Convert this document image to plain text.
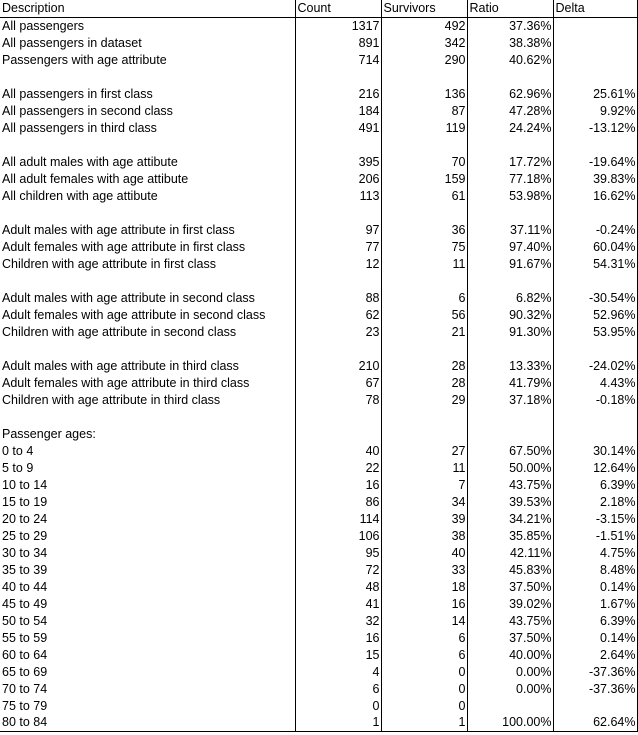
Description	Count	Survivors	Ratio	Delta
All passengers	1317	492	37.36%	
All passengers in dataset	891	342	38.38%	
Passengers with age attribute	714	290	40.62%	

All passengers in first class	216	136	62.96%	25.61%
All passengers in second class	184	87	47.28%	9.92%
All passengers in third class	491	119	24.24%	-13.12%

All adult males with age attibute	395	70	17.72%	-19.64%
All adult females with age attibute	206	159	77.18%	39.83%
All children with age attibute	113	61	53.98%	16.62%

Adult males with age attribute in first class	97	36	37.11%	-0.24%
Adult females with age attribute in first class	77	75	97.40%	60.04%
Children with age attribute in first class	12	11	91.67%	54.31%

Adult males with age attribute in second class	88	6	6.82%	-30.54%
Adult females with age attribute in second class	62	56	90.32%	52.96%
Children with age attribute in second class	23	21	91.30%	53.95%

Adult males with age attribute in third class	210	28	13.33%	-24.02%
Adult females with age attribute in third class	67	28	41.79%	4.43%
Children with age attribute in third class	78	29	37.18%	-0.18%

Passenger ages:				
0 to 4	40	27	67.50%	30.14%
5 to 9	22	11	50.00%	12.64%
10 to 14	16	7	43.75%	6.39%
15 to 19	86	34	39.53%	2.18%
20 to 24	114	39	34.21%	-3.15%
25 to 29	106	38	35.85%	-1.51%
30 to 34	95	40	42.11%	4.75%
35 to 39	72	33	45.83%	8.48%
40 to 44	48	18	37.50%	0.14%
45 to 49	41	16	39.02%	1.67%
50 to 54	32	14	43.75%	6.39%
55 to 59	16	6	37.50%	0.14%
60 to 64	15	6	40.00%	2.64%
65 to 69	4	0	0.00%	-37.36%
70 to 74	6	0	0.00%	-37.36%
75 to 79	0	0		
80 to 84	1	1	100.00%	62.64%
